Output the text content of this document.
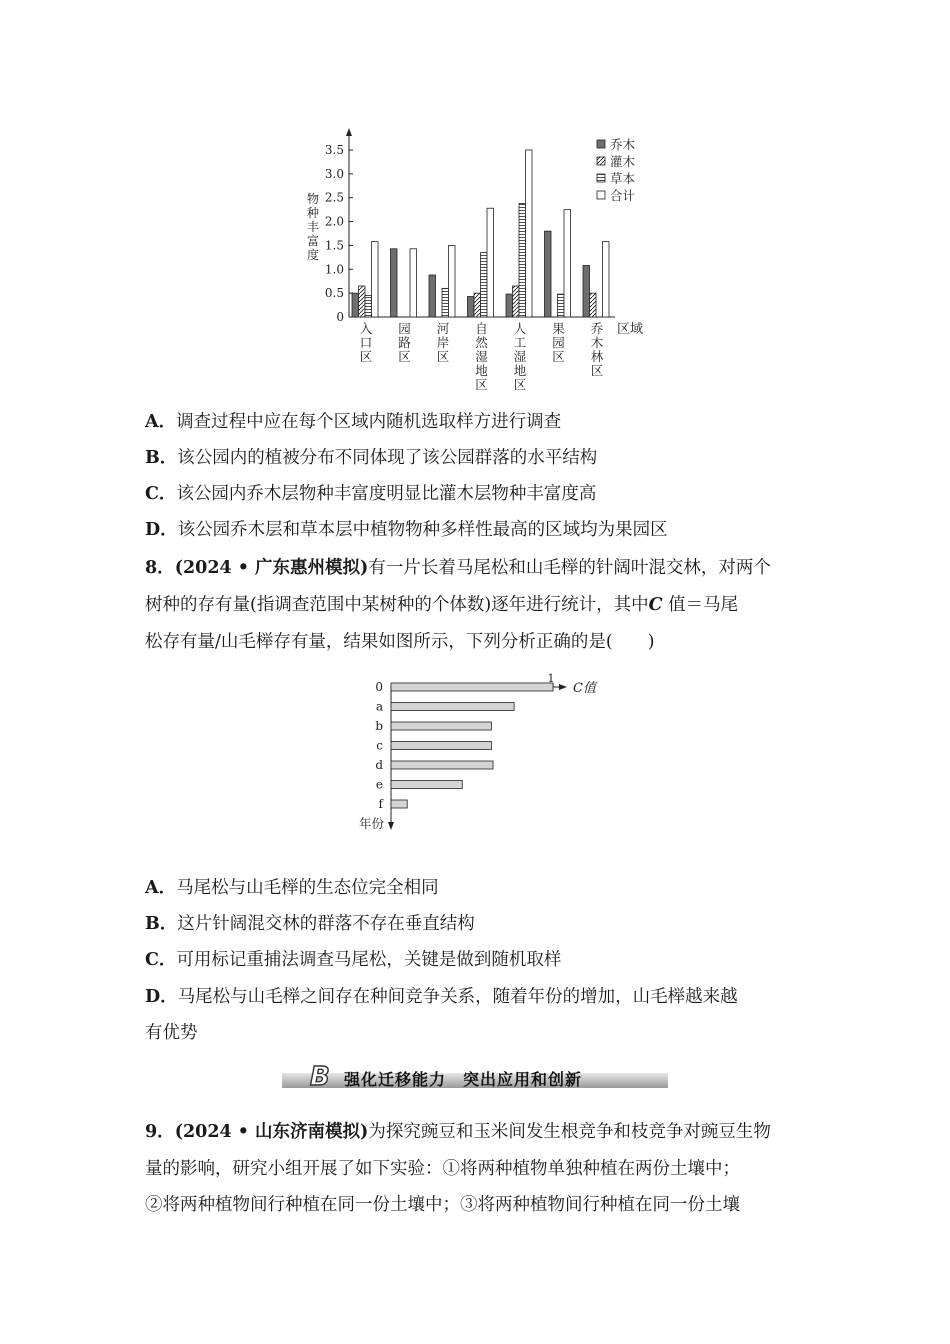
0
0.5
1.0
1.5
2.0
2.5
3.0
3.5
物
种
丰
富
度
区域
入
口
区
园
路
区
河
岸
区
自
然
湿
地
区
人
工
湿
地
区
果
园
区
乔
木
林
区
乔木
灌木
草本
合计
A．调查过程中应在每个区域内随机选取样方进行调查
B．该公园内的植被分布不同体现了该公园群落的水平结构
C．该公园内乔木层物种丰富度明显比灌木层物种丰富度高
D．该公园乔木层和草本层中植物物种多样性最高的区域均为果园区
8．(2024 • 广东惠州模拟)有一片长着马尾松和山毛榉的针阔叶混交林，对两个
树种的存有量(指调查范围中某树种的个体数)逐年进行统计，其中C 值＝马尾
松存有量/山毛榉存有量，结果如图所示，下列分析正确的是(　　)
1
C值
年份
0
a
b
c
d
e
f
A．马尾松与山毛榉的生态位完全相同
B．这片针阔混交林的群落不存在垂直结构
C．可用标记重捕法调查马尾松，关键是做到随机取样
D．马尾松与山毛榉之间存在种间竞争关系，随着年份的增加，山毛榉越来越
有优势
B 强化迁移能力　突出应用和创新
9．(2024 • 山东济南模拟)为探究豌豆和玉米间发生根竞争和枝竞争对豌豆生物
量的影响，研究小组开展了如下实验：①将两种植物单独种植在两份土壤中；
②将两种植物间行种植在同一份土壤中；③将两种植物间行种植在同一份土壤
